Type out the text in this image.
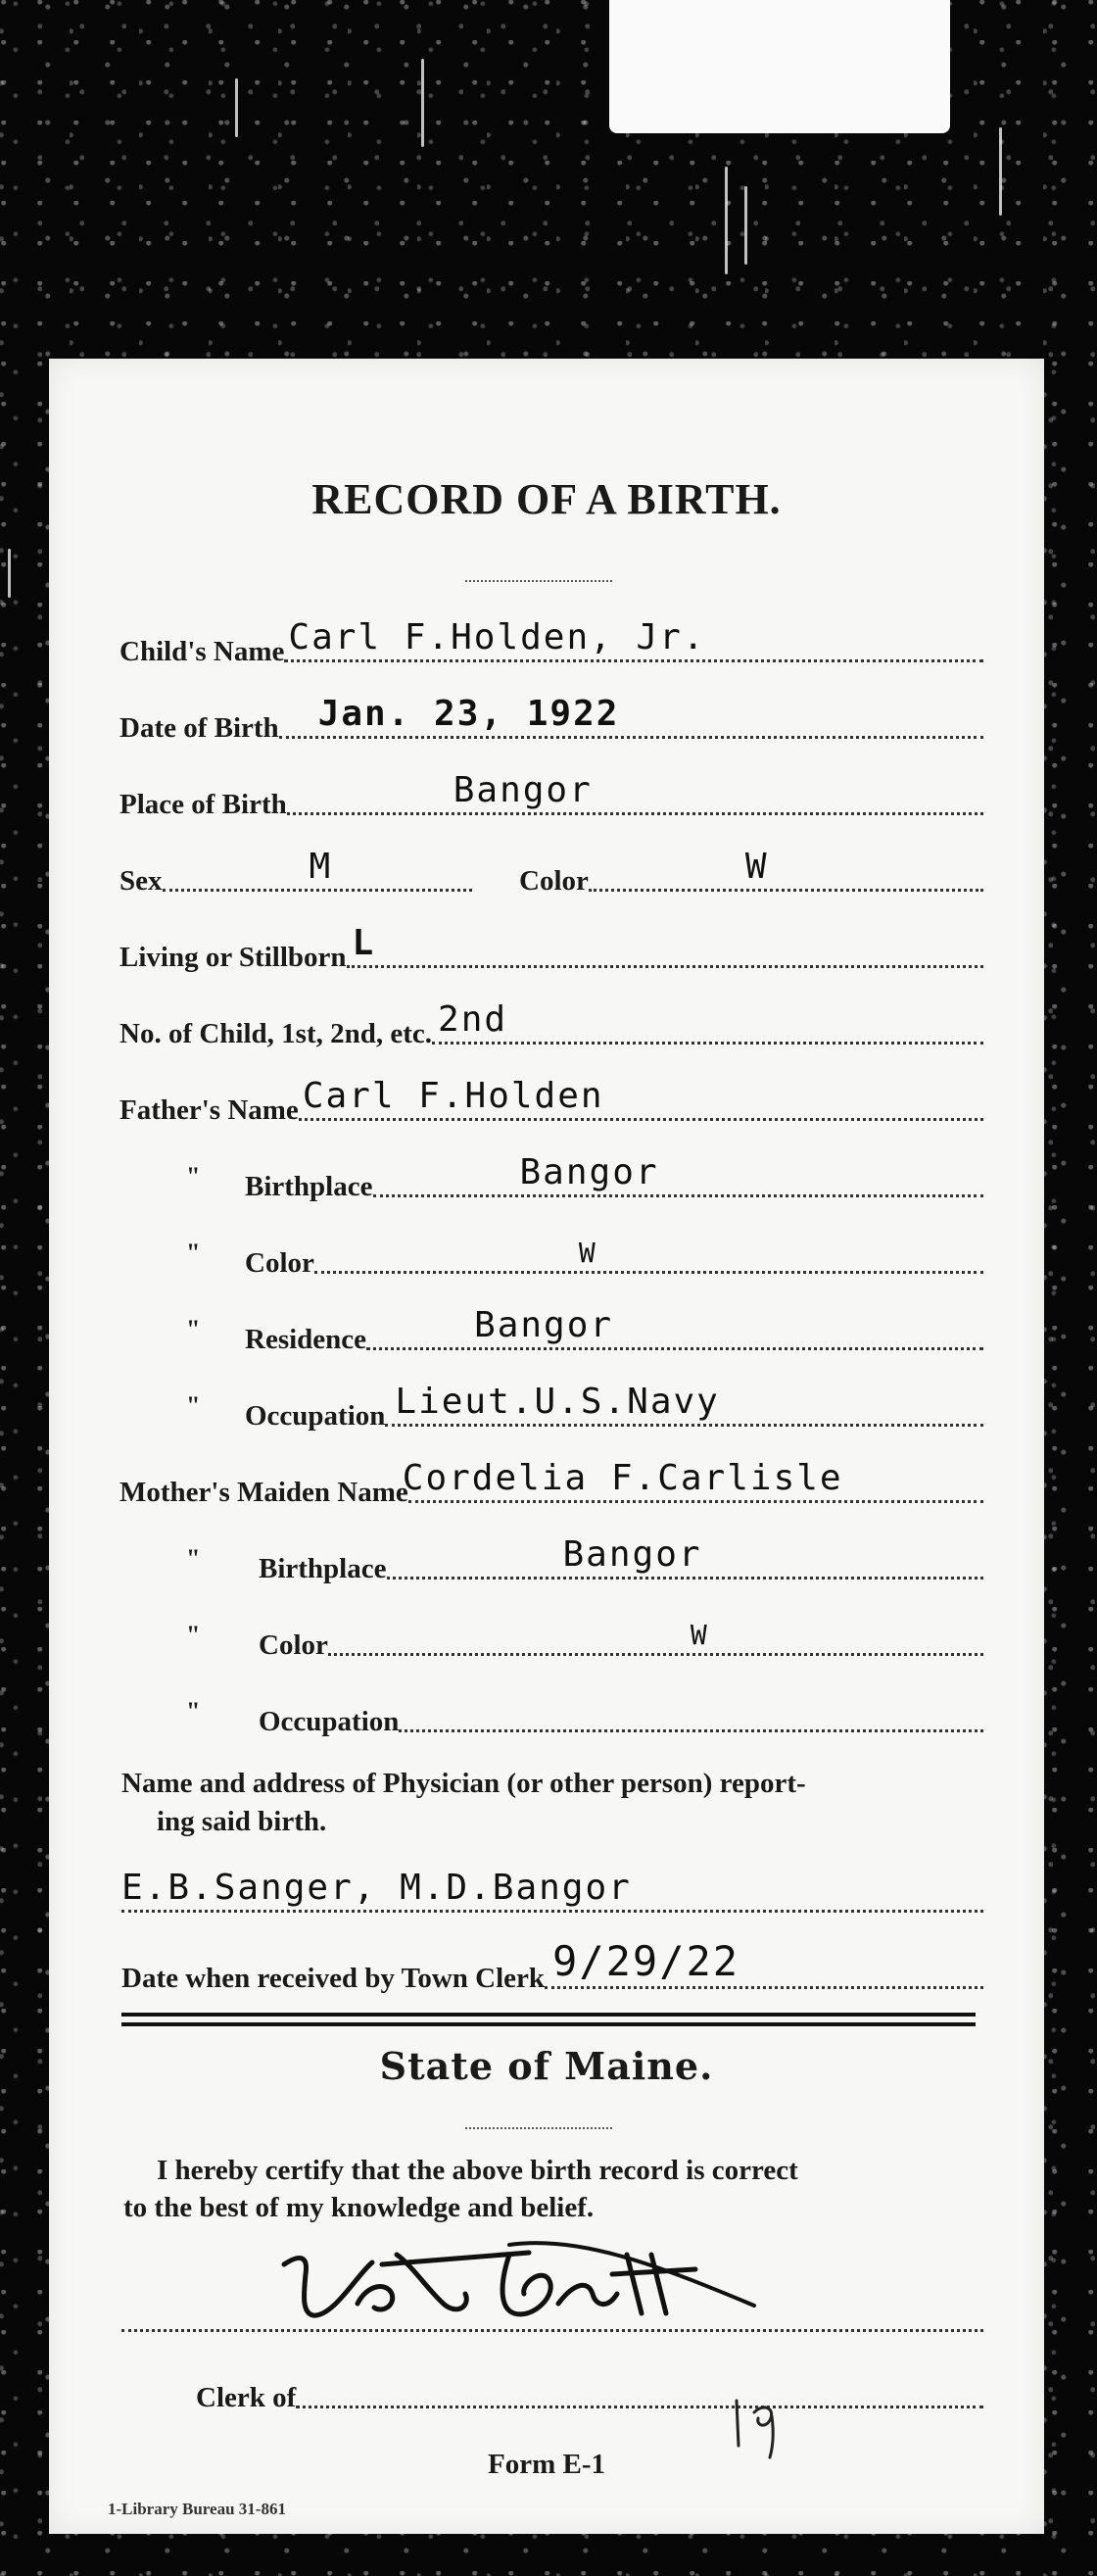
RECORD OF A BIRTH.
Child's Name Carl F.Holden, Jr.
Date of Birth Jan. 23, 1922
Place of Birth	Bangor
Sex	M	Color	W
Living or Stillborn L
No. of Child, 1st, 2nd, etc. 2nd
Father's Name Carl F.Holden
" Birthplace	Bangor
" Color	W
" Residence	Bangor
" Occupation Lieut.U.S.Navy
Mother's Maiden Name
Cordelia F.Carlisle
" Birthplace	Bangor
" Color	W
" Occupation
Name and address of Physician (or other person) report-
ing said birth.
E.B.Sanger, M.D.Bangor
Date when received by Town Clerk 9/29/22
State of Maine.
I hereby certify that the above birth record is correct
to the best of my knowledge and belief.
Clerk of
Form E-1
1-Library Bureau 31-861
